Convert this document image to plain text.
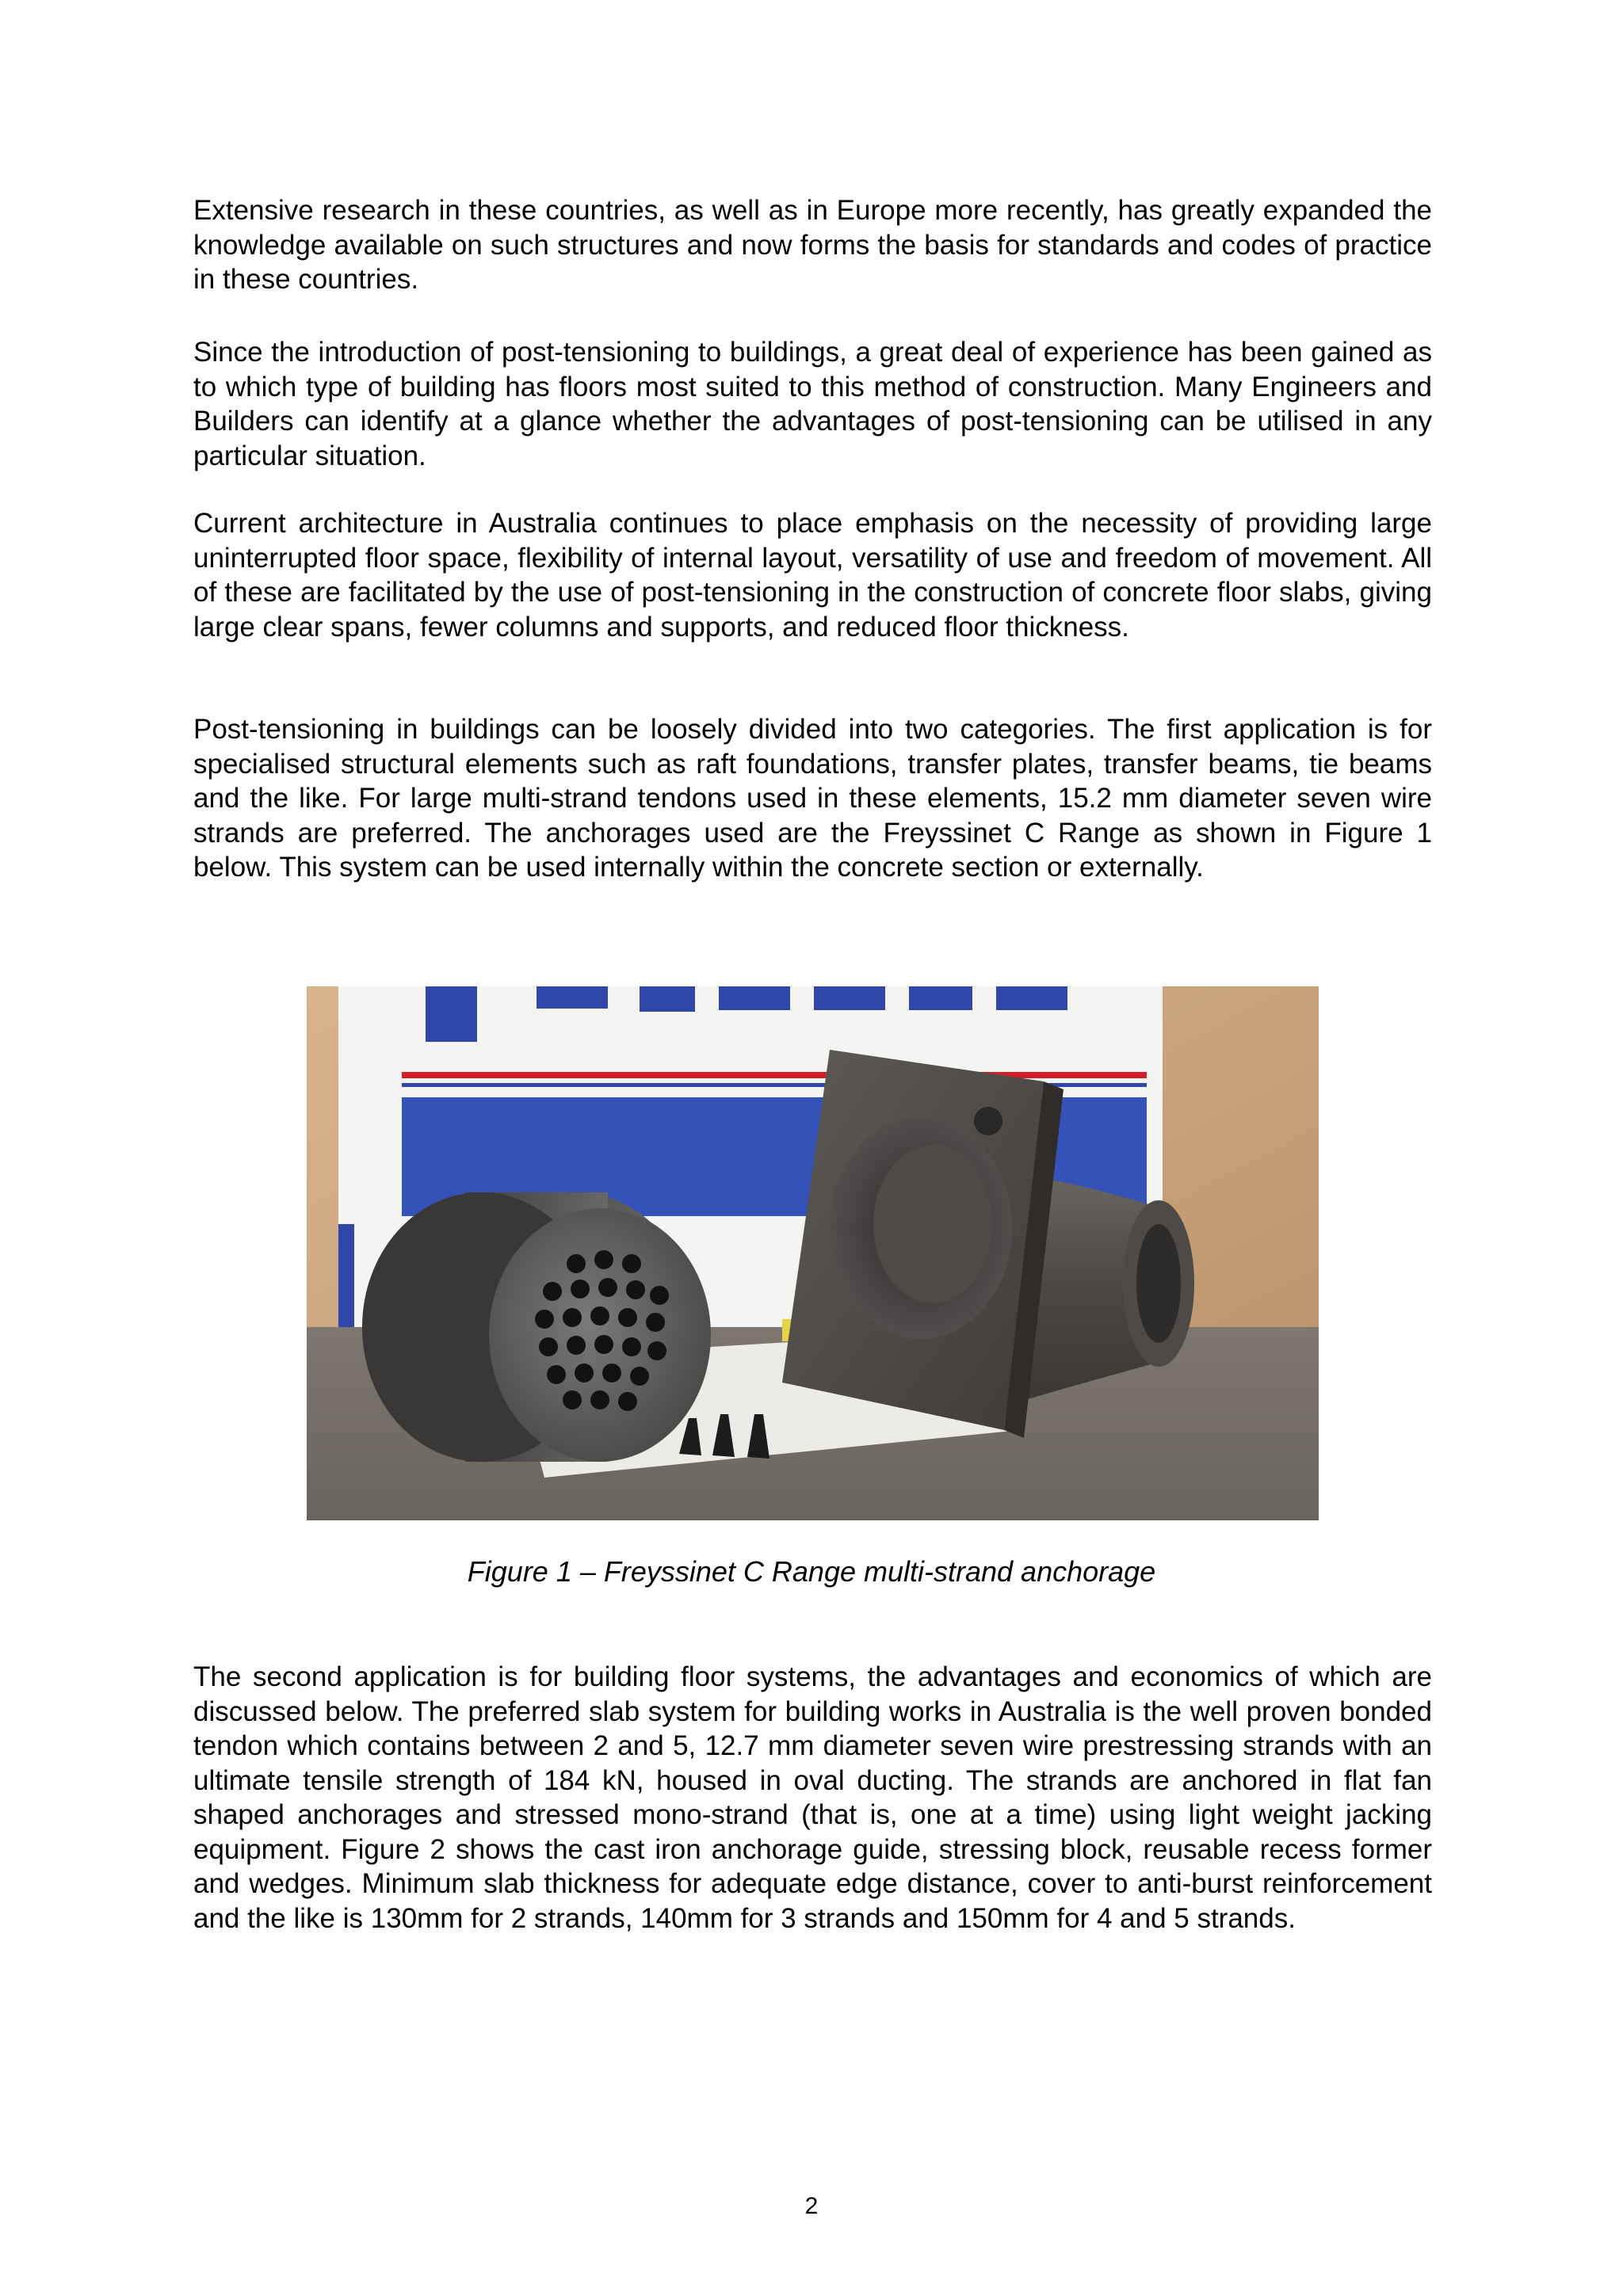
Extensive research in these countries, as well as in Europe more recently, has greatly expanded the knowledge available on such structures and now forms the basis for standards and codes of practice in these countries.

Since the introduction of post-tensioning to buildings, a great deal of experience has been gained as to which type of building has floors most suited to this method of construction. Many Engineers and Builders can identify at a glance whether the advantages of post-tensioning can be utilised in any particular situation.

Current architecture in Australia continues to place emphasis on the necessity of providing large uninterrupted floor space, flexibility of internal layout, versatility of use and freedom of movement. All of these are facilitated by the use of post-tensioning in the construction of concrete floor slabs, giving large clear spans, fewer columns and supports, and reduced floor thickness.

Post-tensioning in buildings can be loosely divided into two categories. The first application is for specialised structural elements such as raft foundations, transfer plates, transfer beams, tie beams and the like. For large multi-strand tendons used in these elements, 15.2 mm diameter seven wire strands are preferred. The anchorages used are the Freyssinet C Range as shown in Figure 1 below. This system can be used internally within the concrete section or externally.

Figure 1 – Freyssinet C Range multi-strand anchorage

The second application is for building floor systems, the advantages and economics of which are discussed below. The preferred slab system for building works in Australia is the well proven bonded tendon which contains between 2 and 5, 12.7 mm diameter seven wire prestressing strands with an ultimate tensile strength of 184 kN, housed in oval ducting. The strands are anchored in flat fan shaped anchorages and stressed mono-strand (that is, one at a time) using light weight jacking equipment. Figure 2 shows the cast iron anchorage guide, stressing block, reusable recess former and wedges. Minimum slab thickness for adequate edge distance, cover to anti-burst reinforcement and the like is 130mm for 2 strands, 140mm for 3 strands and 150mm for 4 and 5 strands.

2
